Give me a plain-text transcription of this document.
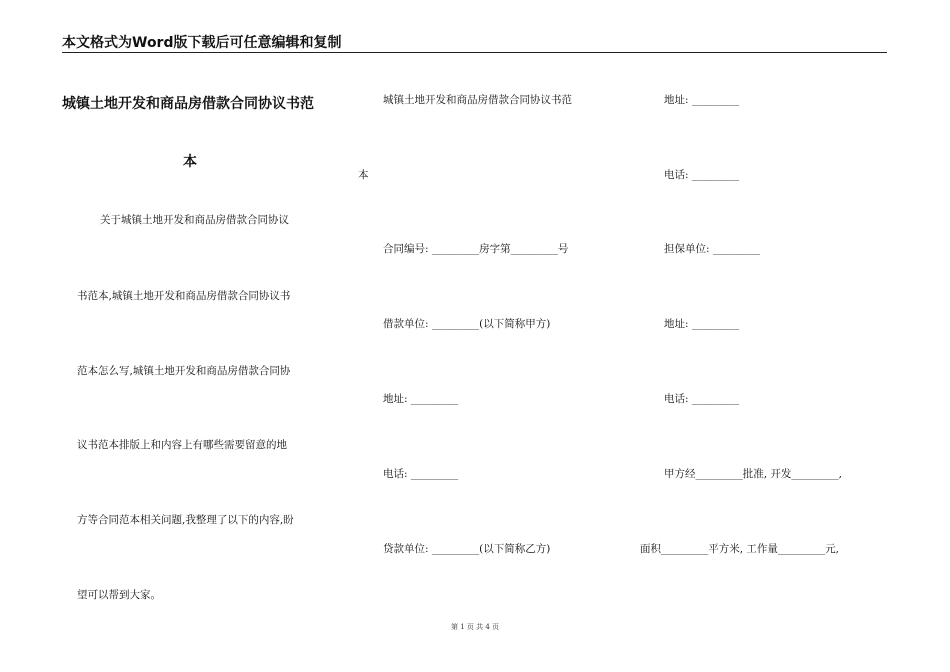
本文格式为Word版下载后可任意编辑和复制
城镇土地开发和商品房借款合同协议书范
本
关于城镇土地开发和商品房借款合同协议
书范本,城镇土地开发和商品房借款合同协议书
范本怎么写,城镇土地开发和商品房借款合同协
议书范本排版上和内容上有哪些需要留意的地
方等合同范本相关问题,我整理了以下的内容,盼
望可以帮到大家。
城镇土地开发和商品房借款合同协议书范
本
合同编号: _________房字第_________号
借款单位: _________(以下简称甲方)
地址: _________
电话: _________
贷款单位: _________(以下简称乙方)
地址: _________
电话: _________
担保单位: _________
地址: _________
电话: _________
甲方经_________批准, 开发_________,
面积_________平方米, 工作量_________元,
第 1 页 共 4 页
